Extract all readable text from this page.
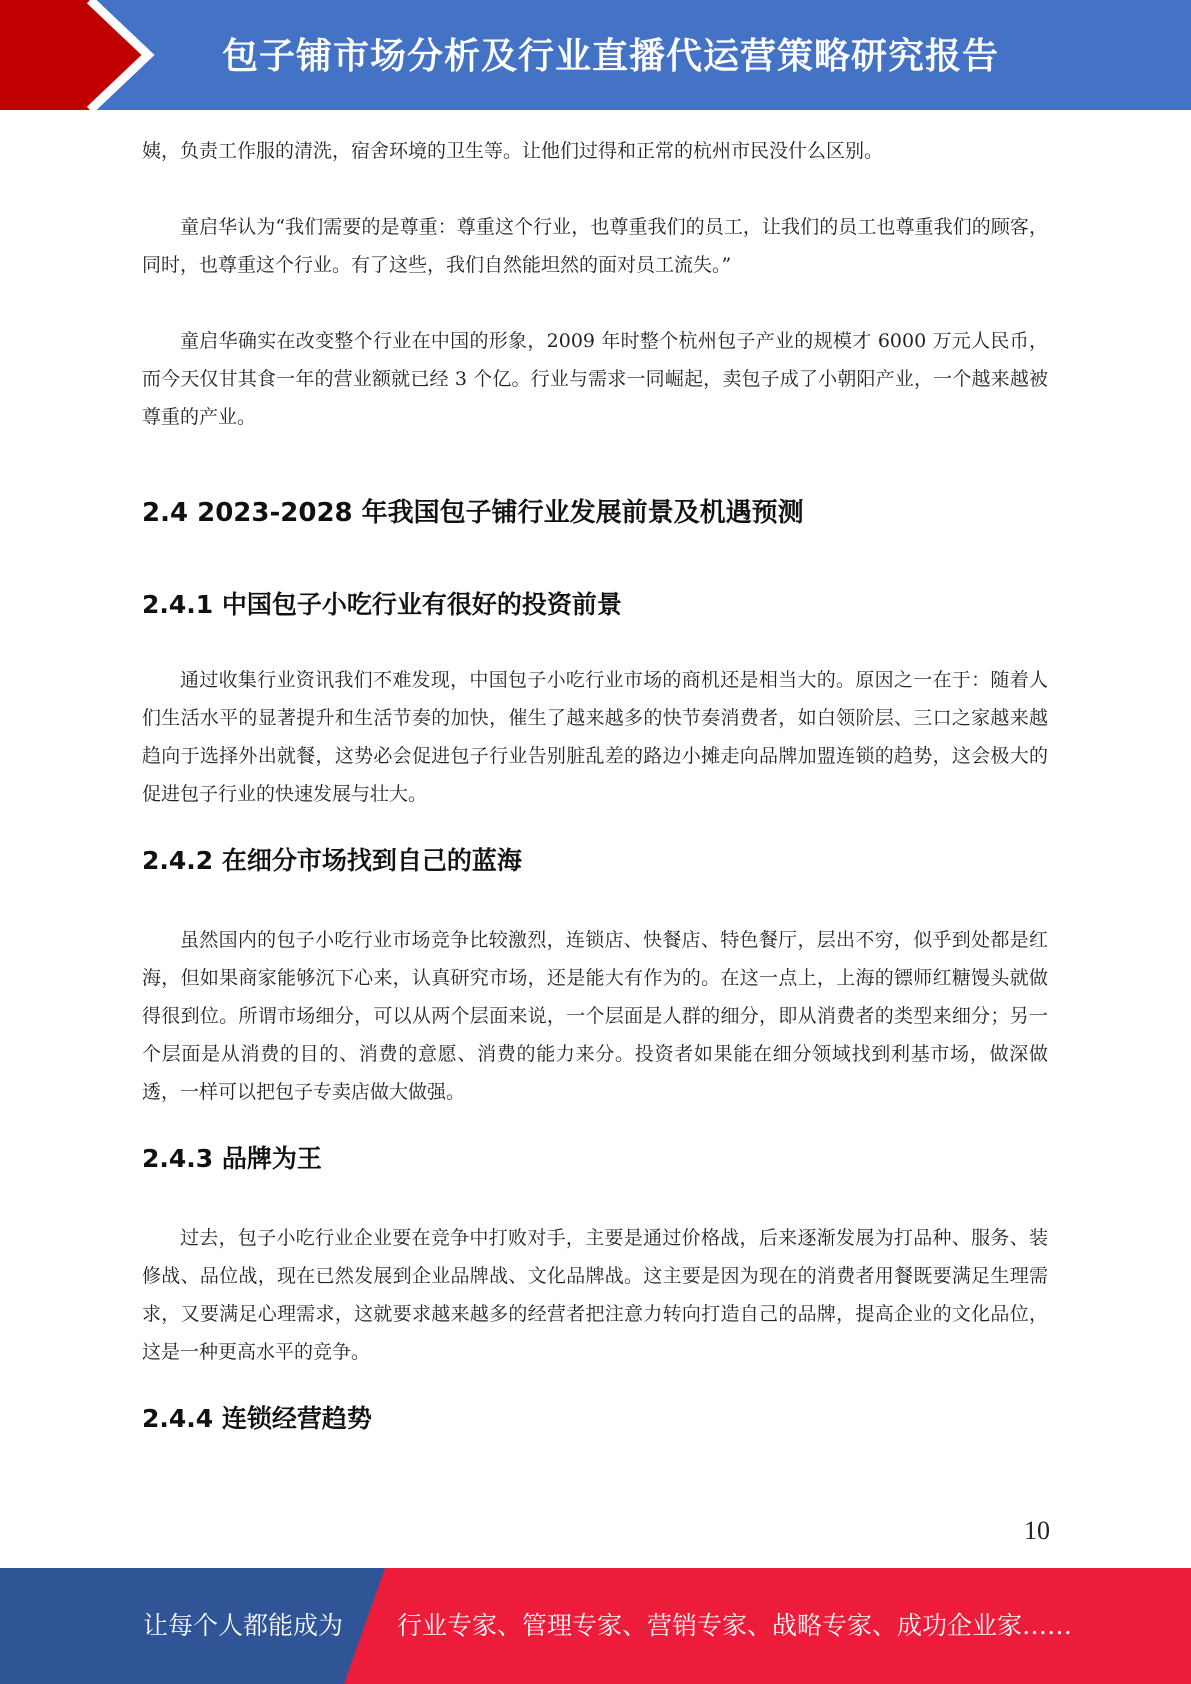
包子铺市场分析及行业直播代运营策略研究报告

姨，负责工作服的清洗，宿舍环境的卫生等。让他们过得和正常的杭州市民没什么区别。

童启华认为“我们需要的是尊重：尊重这个行业，也尊重我们的员工，让我们的员工也尊重我们的顾客，同时，也尊重这个行业。有了这些，我们自然能坦然的面对员工流失。”

童启华确实在改变整个行业在中国的形象，2009 年时整个杭州包子产业的规模才 6000 万元人民币，而今天仅甘其食一年的营业额就已经 3 个亿。行业与需求一同崛起，卖包子成了小朝阳产业，一个越来越被尊重的产业。

2.4 2023-2028 年我国包子铺行业发展前景及机遇预测
2.4.1 中国包子小吃行业有很好的投资前景

通过收集行业资讯我们不难发现，中国包子小吃行业市场的商机还是相当大的。原因之一在于：随着人们生活水平的显著提升和生活节奏的加快，催生了越来越多的快节奏消费者，如白领阶层、三口之家越来越趋向于选择外出就餐，这势必会促进包子行业告别脏乱差的路边小摊走向品牌加盟连锁的趋势，这会极大的促进包子行业的快速发展与壮大。

2.4.2 在细分市场找到自己的蓝海

虽然国内的包子小吃行业市场竞争比较激烈，连锁店、快餐店、特色餐厅，层出不穷，似乎到处都是红海，但如果商家能够沉下心来，认真研究市场，还是能大有作为的。在这一点上，上海的镖师红糖馒头就做得很到位。所谓市场细分，可以从两个层面来说，一个层面是人群的细分，即从消费者的类型来细分；另一个层面是从消费的目的、消费的意愿、消费的能力来分。投资者如果能在细分领域找到利基市场，做深做透，一样可以把包子专卖店做大做强。

2.4.3 品牌为王

过去，包子小吃行业企业要在竞争中打败对手，主要是通过价格战，后来逐渐发展为打品种、服务、装修战、品位战，现在已然发展到企业品牌战、文化品牌战。这主要是因为现在的消费者用餐既要满足生理需求，又要满足心理需求，这就要求越来越多的经营者把注意力转向打造自己的品牌，提高企业的文化品位，这是一种更高水平的竞争。

2.4.4 连锁经营趋势
10
让每个人都能成为 行业专家、管理专家、营销专家、战略专家、成功企业家……
